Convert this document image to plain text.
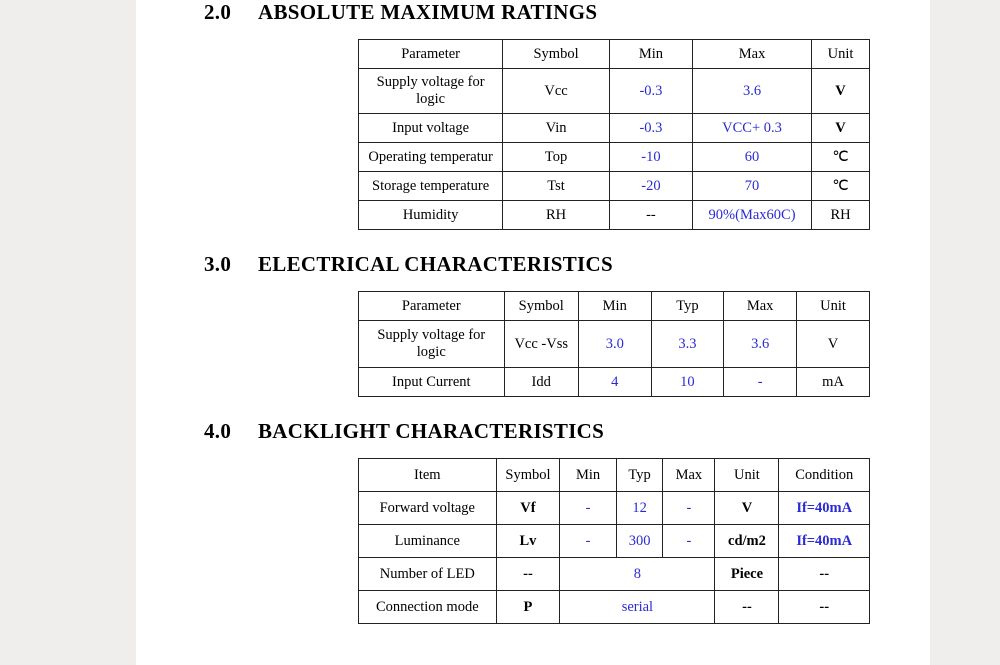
2.0 ABSOLUTE MAXIMUM RATINGS
Parameter	Symbol	Min	Max	Unit
Supply voltage for logic	Vcc	-0.3	3.6	V
Input voltage	Vin	-0.3	VCC+ 0.3	V
Operating temperatur	Top	-10	60	℃
Storage temperature	Tst	-20	70	℃
Humidity	RH	--	90%(Max60C)	RH
3.0 ELECTRICAL CHARACTERISTICS
Parameter	Symbol	Min	Typ	Max	Unit
Supply voltage for logic	Vcc -Vss	3.0	3.3	3.6	V
Input Current	Idd	4	10	-	mA
4.0 BACKLIGHT CHARACTERISTICS
Item	Symbol	Min	Typ	Max	Unit	Condition
Forward voltage	Vf	-	12	-	V	If=40mA
Luminance	Lv	-	300	-	cd/m2	If=40mA
Number of LED	--	8			Piece	--
Connection mode	P	serial			--	--
